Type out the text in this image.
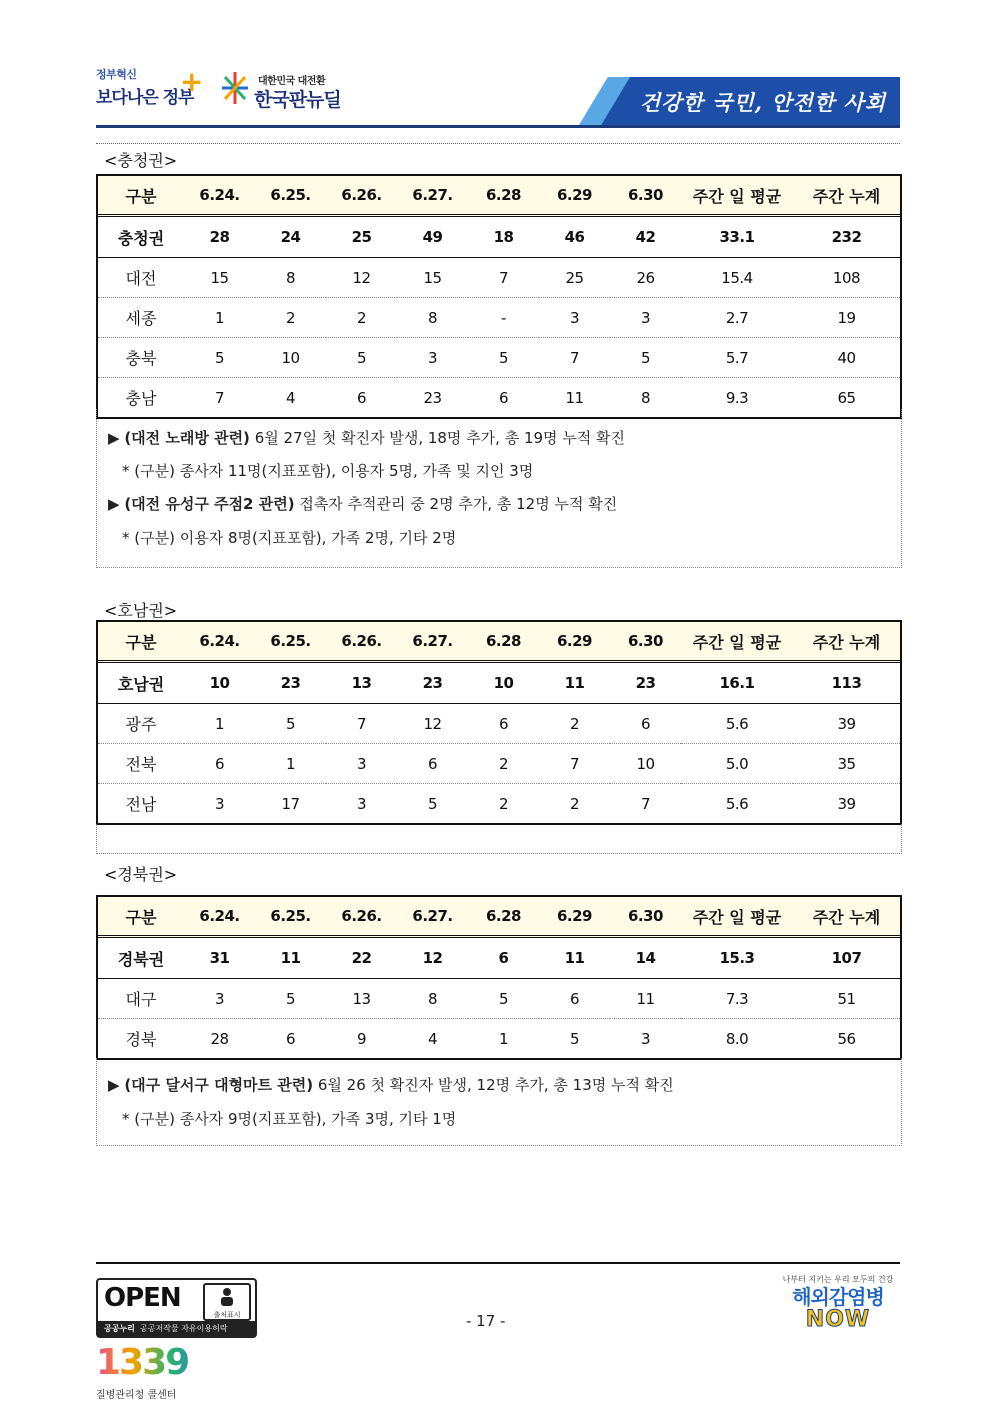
정부혁신
보다나은 정부
+	대한민국 대전환
한국판뉴딜	건강한 국민, 안전한 사회
<충청권>
구분	6.24.	6.25.	6.26.	6.27.	6.28	6.29	6.30	주간 일 평균	주간 누계
충청권	28	24	25	49	18	46	42	33.1	232
대전	15	8	12	15	7	25	26	15.4	108
세종	1	2	2	8	-	3	3	2.7	19
충북	5	10	5	3	5	7	5	5.7	40
충남	7	4	6	23	6	11	8	9.3	65
▶ (대전 노래방 관련) 6월 27일 첫 확진자 발생, 18명 추가, 총 19명 누적 확진
* (구분) 종사자 11명(지표포함), 이용자 5명, 가족 및 지인 3명
▶ (대전 유성구 주점2 관련) 접촉자 추적관리 중 2명 추가, 총 12명 누적 확진
* (구분) 이용자 8명(지표포함), 가족 2명, 기타 2명
<호남권>
구분	6.24.	6.25.	6.26.	6.27.	6.28	6.29	6.30	주간 일 평균	주간 누계
호남권	10	23	13	23	10	11	23	16.1	113
광주	1	5	7	12	6	2	6	5.6	39
전북	6	1	3	6	2	7	10	5.0	35
전남	3	17	3	5	2	2	7	5.6	39
<경북권>
구분	6.24.	6.25.	6.26.	6.27.	6.28	6.29	6.30	주간 일 평균	주간 누계
경북권	31	11	22	12	6	11	14	15.3	107
대구	3	5	13	8	5	6	11	7.3	51
경북	28	6	9	4	1	5	3	8.0	56
▶ (대구 달서구 대형마트 관련) 6월 26 첫 확진자 발생, 12명 추가, 총 13명 누적 확진
* (구분) 종사자 9명(지표포함), 가족 3명, 기타 1명
OPEN
출처표시
공공누리 공공저작물 자유이용허락	- 17 -
1339
질병관리청 콜센터
나부터 지키는 우리 모두의 건강
해외감염병
NOW
